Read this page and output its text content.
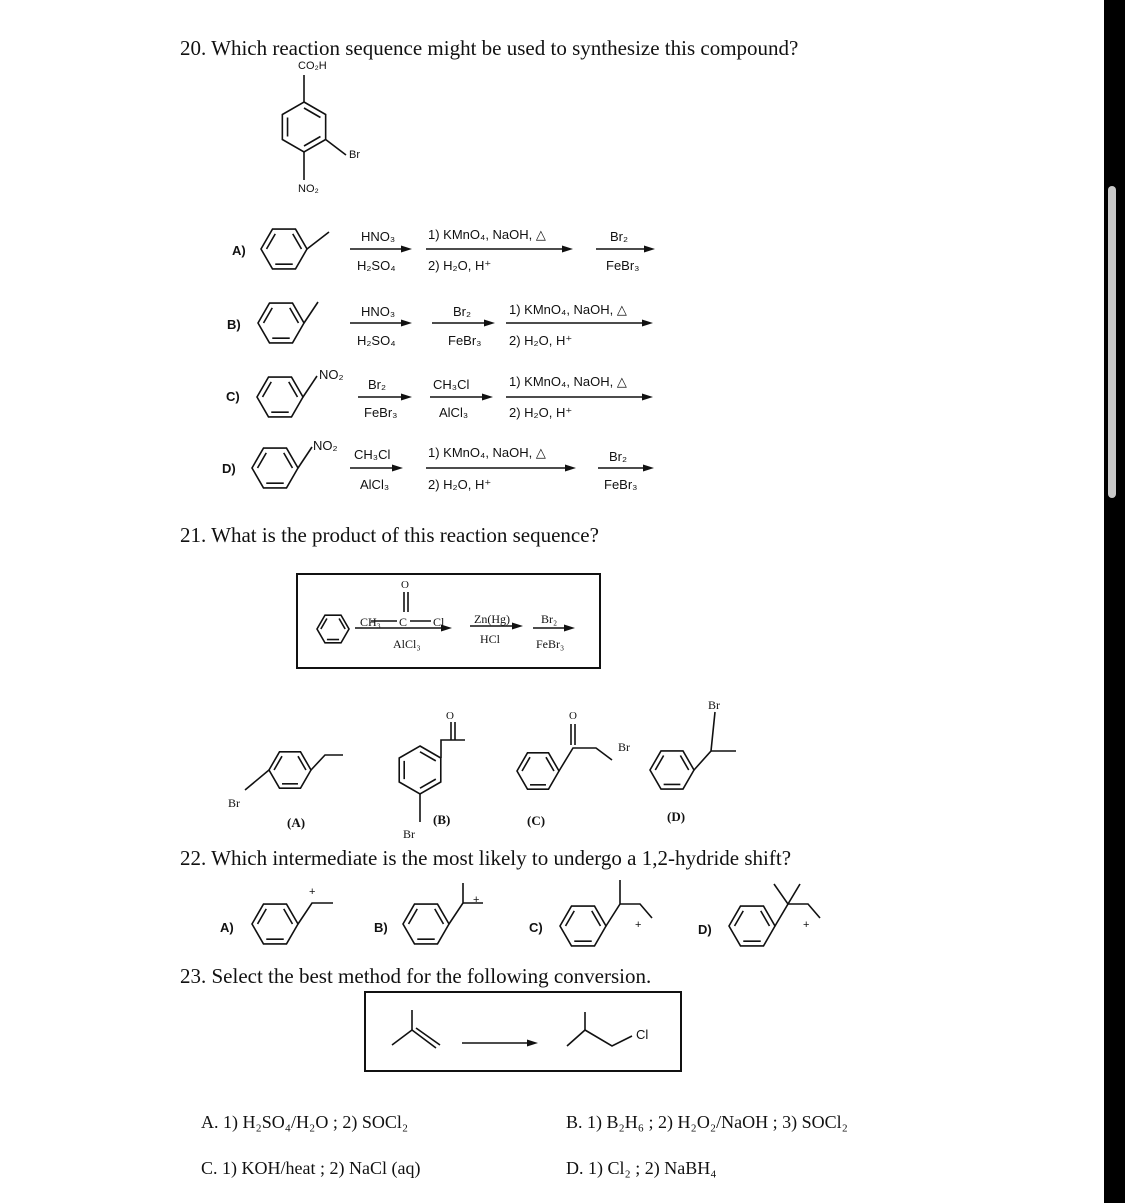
20. Which reaction sequence might be used to synthesize this compound?
CO₂H
Br
NO₂
A)
HNO₃
H₂SO₄
1) KMnO₄, NaOH, △
2) H₂O, H⁺
Br₂
FeBr₃
B)
HNO₃
H₂SO₄
Br₂
FeBr₃
1) KMnO₄, NaOH, △
2) H₂O, H⁺
C)
NO₂
Br₂
FeBr₃
CH₃Cl
AlCl₃
1) KMnO₄, NaOH, △
2) H₂O, H⁺
D)
NO₂
CH₃Cl
AlCl₃
1) KMnO₄, NaOH, △
2) H₂O, H⁺
Br₂
FeBr₃
21. What is the product of this reaction sequence?
O
CH₃ C Cl
AlCl₃
Zn(Hg)
HCl
Br₂
FeBr₃
Br
(A)
O
Br
(B)
O
Br
(C)
Br
(D)
22. Which intermediate is the most likely to undergo a 1,2-hydride shift?
A)	B)	C)	D)
+
+
+	+
23. Select the best method for the following conversion.
Cl
A. 1) H₂SO₄/H₂O ; 2) SOCl₂	B. 1) B₂H₆ ; 2) H₂O₂/NaOH ; 3) SOCl₂
C. 1) KOH/heat ; 2) NaCl (aq)	D. 1) Cl₂ ; 2) NaBH₄
